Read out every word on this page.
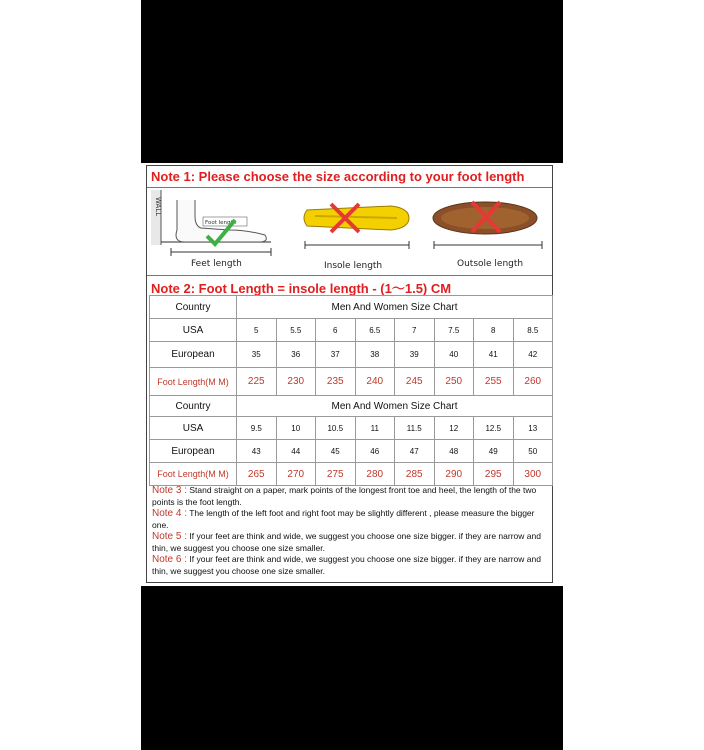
Note 1: Please choose the size according to your foot length
WALL
Foot length
Feet length	Insole length	Outsole length
Note 2: Foot Length = insole length - (1〜1.5) CM
Country	Men And Women Size Chart							
USA	5	5.5	6	6.5	7	7.5	8	8.5
European	35	36	37	38	39	40	41	42
Foot Length(M M)	225	230	235	240	245	250	255	260
Country	Men And Women Size Chart							
USA	9.5	10	10.5	11	11.5	12	12.5	13
European	43	44	45	46	47	48	49	50
Foot Length(M M)	265	270	275	280	285	290	295	300

Note 3 : Stand straight on a paper, mark points of the longest front toe and heel, the length of the two points is the foot length.

Note 4 : The length of the left foot and right foot may be slightly different , please measure the bigger one.

Note 5 : If your feet are think and wide, we suggest you choose one size bigger. if they are narrow and thin, we suggest you choose one size smaller.

Note 6 : If your feet are think and wide, we suggest you choose one size bigger. if they are narrow and thin, we suggest you choose one size smaller.
